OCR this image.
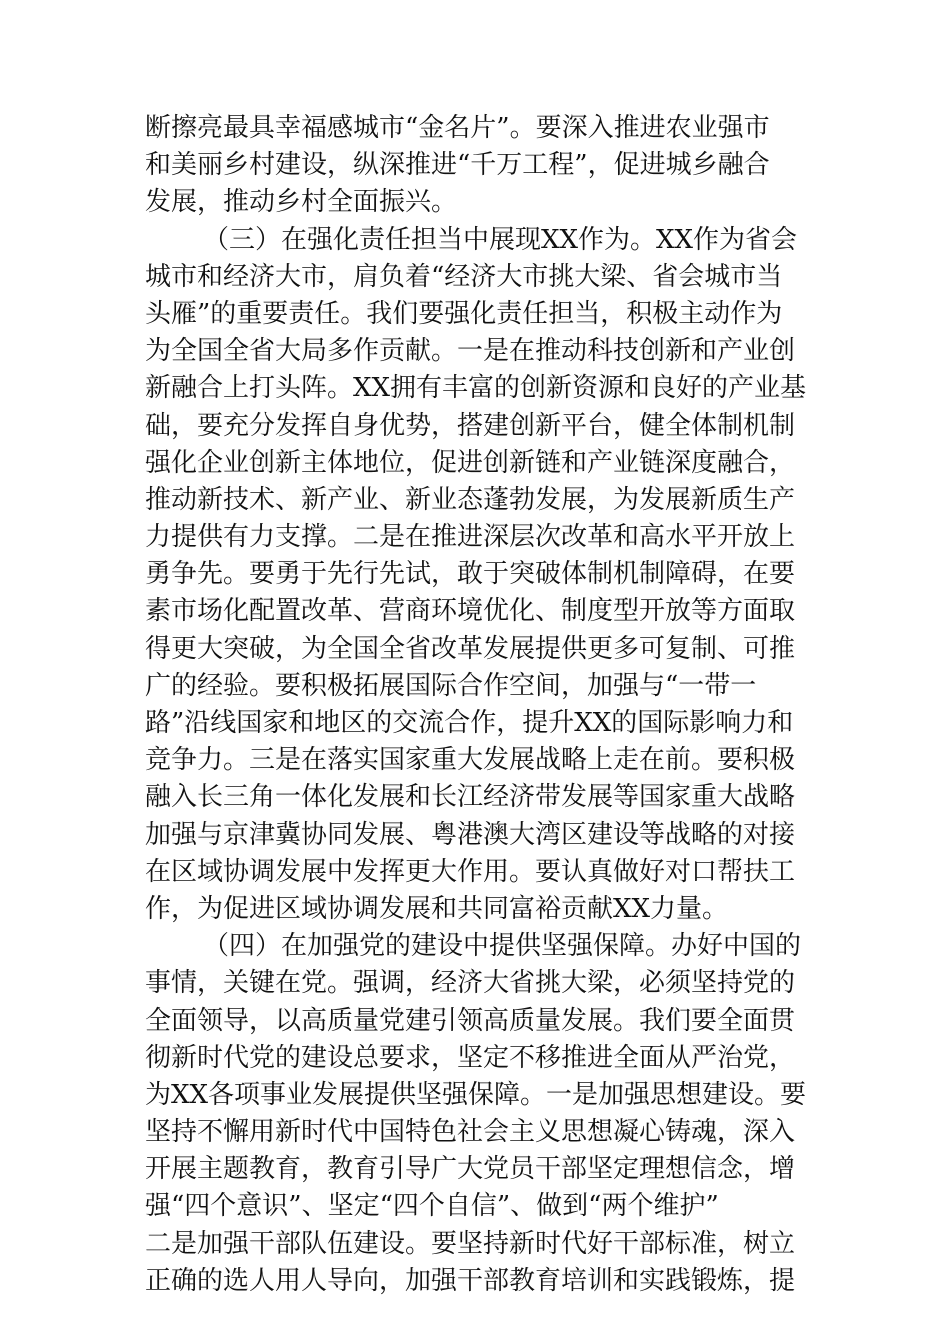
断擦亮最具幸福感城市“金名片”。要深入推进农业强市
和美丽乡村建设，纵深推进“千万工程”，促进城乡融合
发展，推动乡村全面振兴。
（三）在强化责任担当中展现XX作为。XX作为省会
城市和经济大市，肩负着“经济大市挑大梁、省会城市当
头雁”的重要责任。我们要强化责任担当，积极主动作为
为全国全省大局多作贡献。一是在推动科技创新和产业创
新融合上打头阵。XX拥有丰富的创新资源和良好的产业基
础，要充分发挥自身优势，搭建创新平台，健全体制机制
强化企业创新主体地位，促进创新链和产业链深度融合，
推动新技术、新产业、新业态蓬勃发展，为发展新质生产
力提供有力支撑。二是在推进深层次改革和高水平开放上
勇争先。要勇于先行先试，敢于突破体制机制障碍，在要
素市场化配置改革、营商环境优化、制度型开放等方面取
得更大突破，为全国全省改革发展提供更多可复制、可推
广的经验。要积极拓展国际合作空间，加强与“一带一
路”沿线国家和地区的交流合作，提升XX的国际影响力和
竞争力。三是在落实国家重大发展战略上走在前。要积极
融入长三角一体化发展和长江经济带发展等国家重大战略
加强与京津冀协同发展、粤港澳大湾区建设等战略的对接
在区域协调发展中发挥更大作用。要认真做好对口帮扶工
作，为促进区域协调发展和共同富裕贡献XX力量。
（四）在加强党的建设中提供坚强保障。办好中国的
事情，关键在党。强调，经济大省挑大梁，必须坚持党的
全面领导，以高质量党建引领高质量发展。我们要全面贯
彻新时代党的建设总要求，坚定不移推进全面从严治党，
为XX各项事业发展提供坚强保障。一是加强思想建设。要
坚持不懈用新时代中国特色社会主义思想凝心铸魂，深入
开展主题教育，教育引导广大党员干部坚定理想信念，增
强“四个意识”、坚定“四个自信”、做到“两个维护”
二是加强干部队伍建设。要坚持新时代好干部标准，树立
正确的选人用人导向，加强干部教育培训和实践锻炼，提
